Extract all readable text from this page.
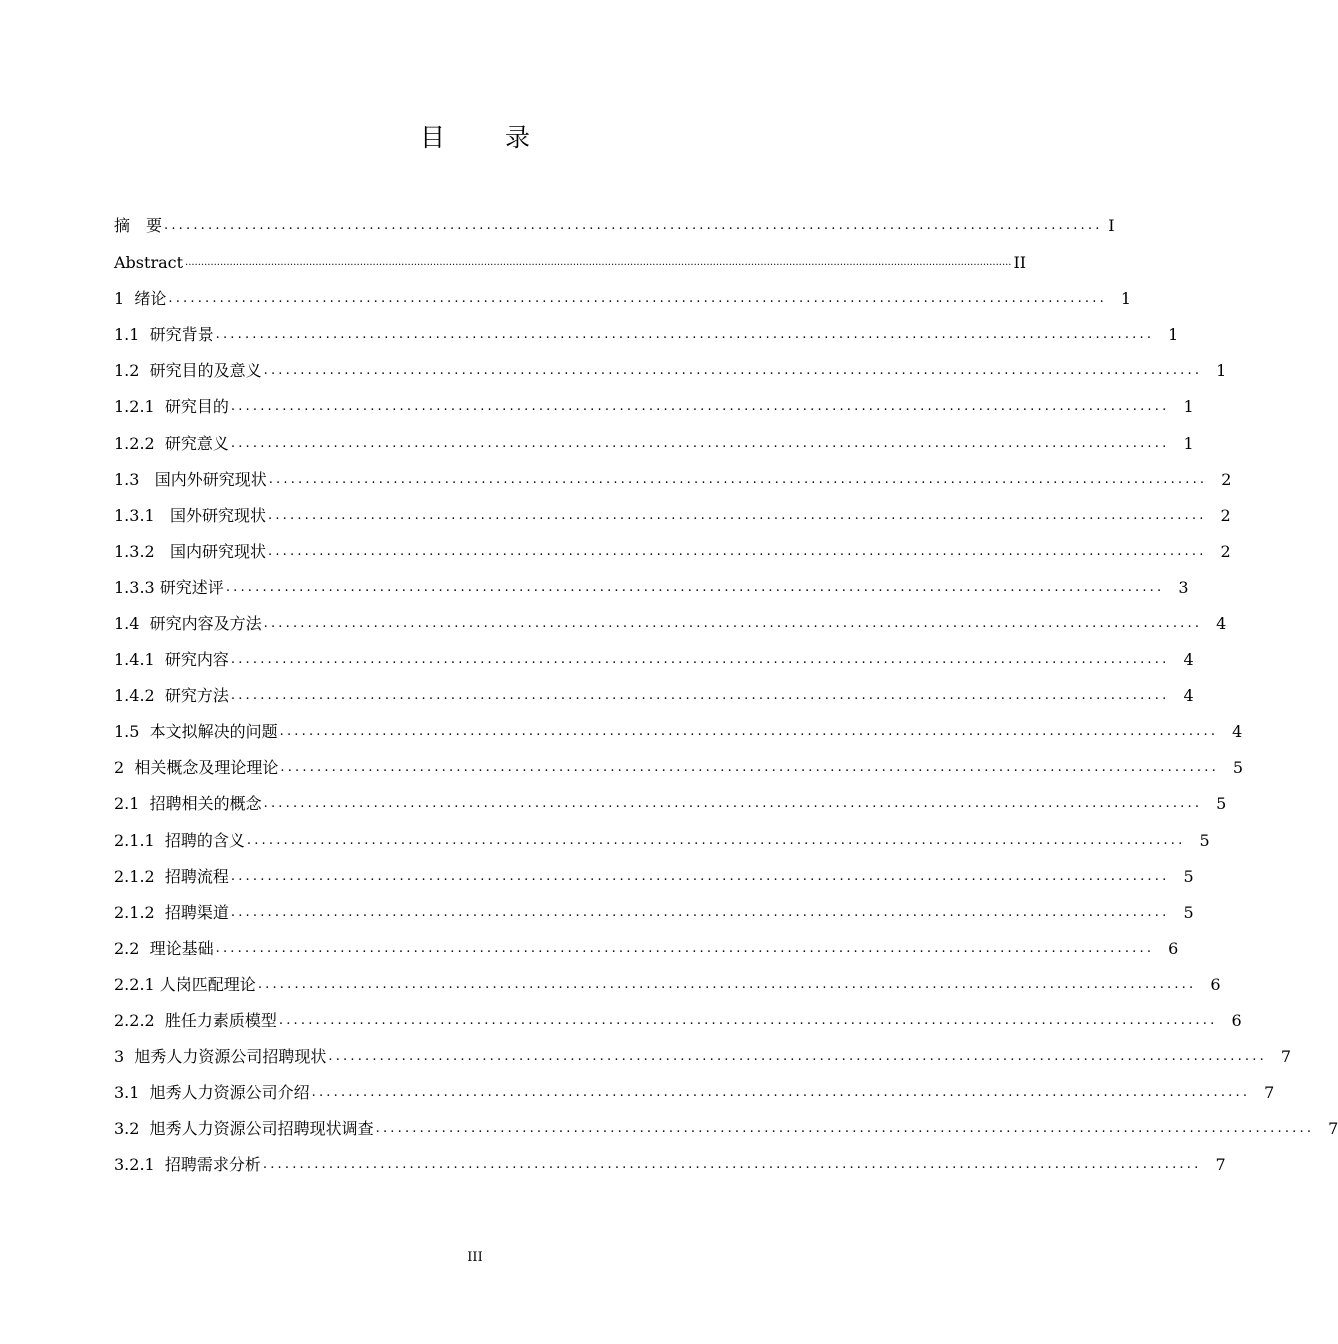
目 录
摘　要 ................................................................................................................................ I
Abstract .................................................................................................................................................................................................................................................................... II
1  绪论 ................................................................................................................................ 1
1.1  研究背景 ................................................................................................................................ 1
1.2  研究目的及意义 ................................................................................................................................ 1
1.2.1  研究目的 ................................................................................................................................ 1
1.2.2  研究意义 ................................................................................................................................ 1
1.3   国内外研究现状 ................................................................................................................................ 2
1.3.1   国外研究现状 ................................................................................................................................ 2
1.3.2   国内研究现状 ................................................................................................................................ 2
1.3.3 研究述评 ................................................................................................................................ 3
1.4  研究内容及方法 ................................................................................................................................ 4
1.4.1  研究内容 ................................................................................................................................ 4
1.4.2  研究方法 ................................................................................................................................ 4
1.5  本文拟解决的问题 ................................................................................................................................ 4
2  相关概念及理论理论 ................................................................................................................................ 5
2.1  招聘相关的概念 ................................................................................................................................ 5
2.1.1  招聘的含义 ................................................................................................................................ 5
2.1.2  招聘流程 ................................................................................................................................ 5
2.1.2  招聘渠道 ................................................................................................................................ 5
2.2  理论基础 ................................................................................................................................ 6
2.2.1 人岗匹配理论 ................................................................................................................................ 6
2.2.2  胜任力素质模型 ................................................................................................................................ 6
3  旭秀人力资源公司招聘现状 ................................................................................................................................ 7
3.1  旭秀人力资源公司介绍 ................................................................................................................................ 7
3.2  旭秀人力资源公司招聘现状调查 ................................................................................................................................ 7
3.2.1  招聘需求分析 ................................................................................................................................ 7
III
